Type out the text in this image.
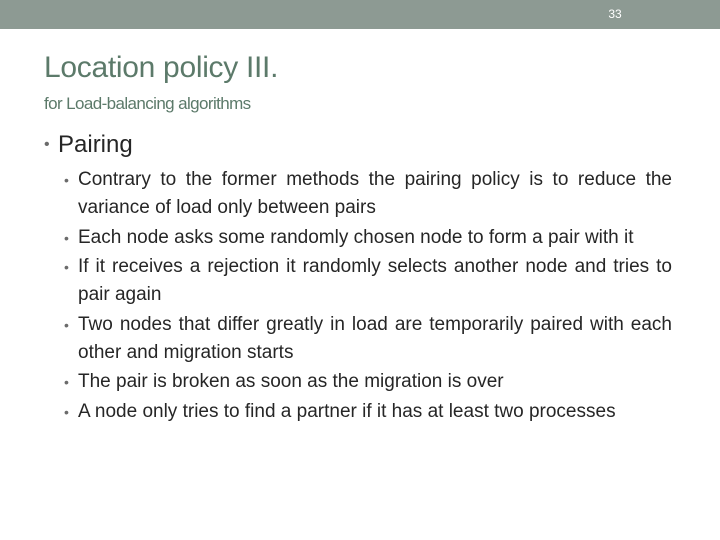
33
Location policy III.
for Load-balancing algorithms
• Pairing
• Contrary to the former methods the pairing policy is to reduce the variance of load only between pairs
• Each node asks some randomly chosen node to form a pair with it
• If it receives a rejection it randomly selects another node and tries to pair again
• Two nodes that differ greatly in load are temporarily paired with each other and migration starts
• The pair is broken as soon as the migration is over
• A node only tries to find a partner if it has at least two processes
